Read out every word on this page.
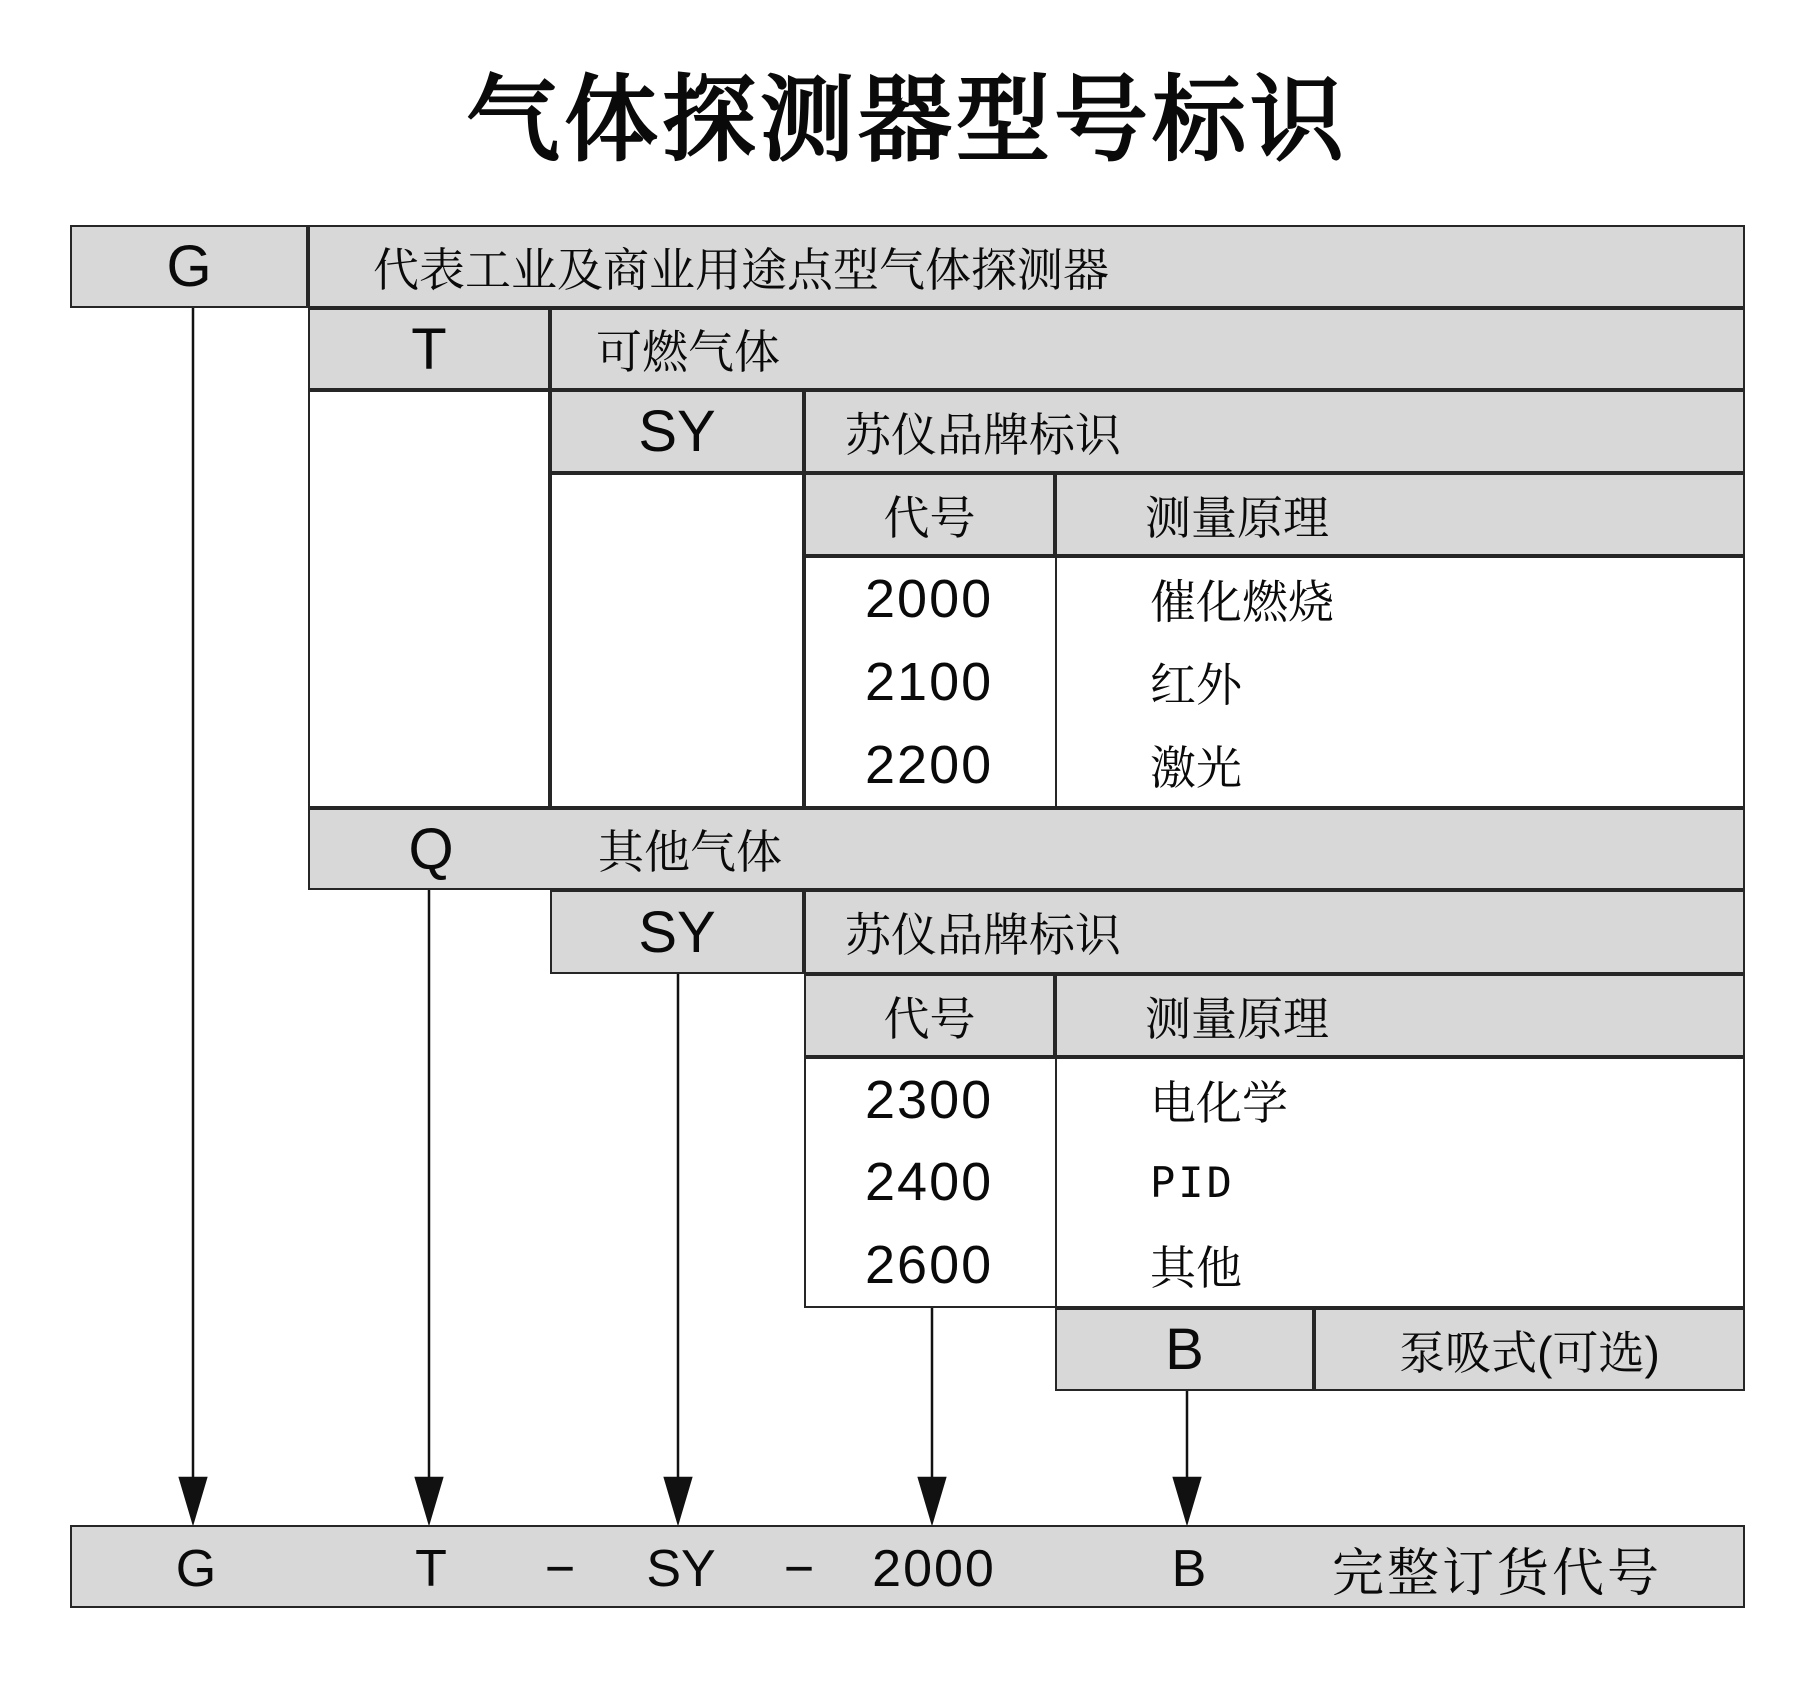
气体探测器型号标识
G	代表工业及商业用途点型气体探测器
T	可燃气体
SY	苏仪品牌标识
代号	测量原理
2000	催化燃烧
2100	红外
2200	激光
Q	其他气体
SY	苏仪品牌标识
代号	测量原理
2300	电化学
2400	PID
2600	其他
B	泵吸式(可选)
G	T − SY − 2000	B 完整订货代号
